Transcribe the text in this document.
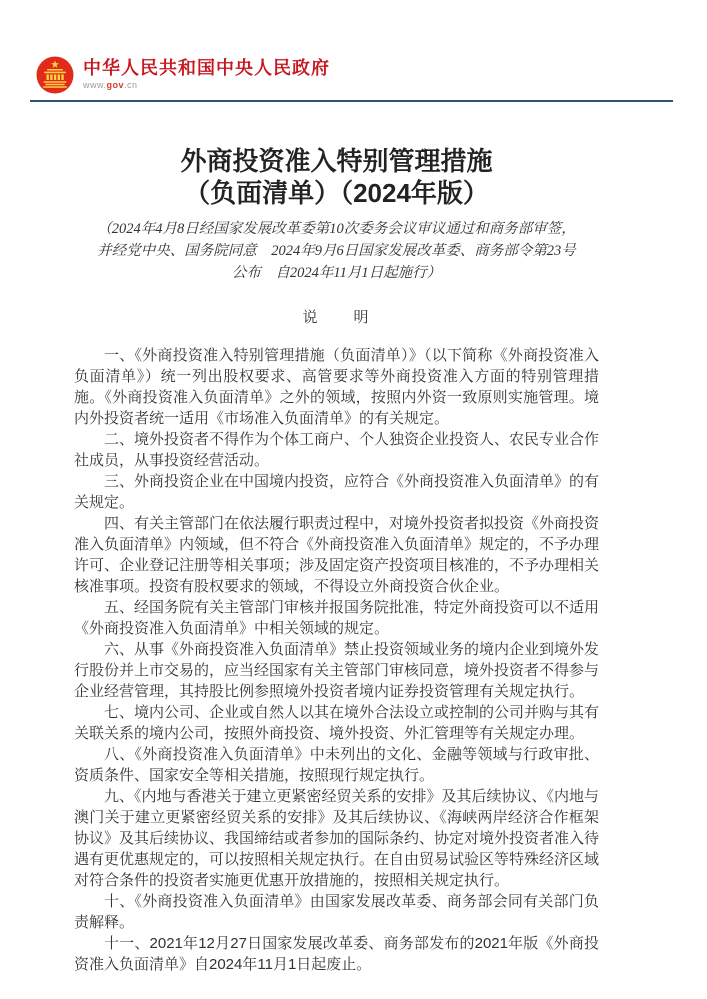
中华人民共和国中央人民政府
www.gov.cn
外商投资准入特别管理措施
（负面清单）（2024年版）

（2024年4月8日经国家发展改革委第10次委务会议审议通过和商务部审签，并经党中央、国务院同意　2024年9月6日国家发展改革委、商务部令第23号公布　自2024年11月1日起施行）

说　　明

一、《外商投资准入特别管理措施（负面清单）》（以下简称《外商投资准入负面清单》）统一列出股权要求、高管要求等外商投资准入方面的特别管理措施。《外商投资准入负面清单》之外的领域，按照内外资一致原则实施管理。境内外投资者统一适用《市场准入负面清单》的有关规定。

二、境外投资者不得作为个体工商户、个人独资企业投资人、农民专业合作社成员，从事投资经营活动。

三、外商投资企业在中国境内投资，应符合《外商投资准入负面清单》的有关规定。

四、有关主管部门在依法履行职责过程中，对境外投资者拟投资《外商投资准入负面清单》内领域，但不符合《外商投资准入负面清单》规定的，不予办理许可、企业登记注册等相关事项；涉及固定资产投资项目核准的，不予办理相关核准事项。投资有股权要求的领域，不得设立外商投资合伙企业。

五、经国务院有关主管部门审核并报国务院批准，特定外商投资可以不适用《外商投资准入负面清单》中相关领域的规定。

六、从事《外商投资准入负面清单》禁止投资领域业务的境内企业到境外发行股份并上市交易的，应当经国家有关主管部门审核同意，境外投资者不得参与企业经营管理，其持股比例参照境外投资者境内证券投资管理有关规定执行。

七、境内公司、企业或自然人以其在境外合法设立或控制的公司并购与其有关联关系的境内公司，按照外商投资、境外投资、外汇管理等有关规定办理。

八、《外商投资准入负面清单》中未列出的文化、金融等领域与行政审批、资质条件、国家安全等相关措施，按照现行规定执行。

九、《内地与香港关于建立更紧密经贸关系的安排》及其后续协议、《内地与澳门关于建立更紧密经贸关系的安排》及其后续协议、《海峡两岸经济合作框架协议》及其后续协议、我国缔结或者参加的国际条约、协定对境外投资者准入待遇有更优惠规定的，可以按照相关规定执行。在自由贸易试验区等特殊经济区域对符合条件的投资者实施更优惠开放措施的，按照相关规定执行。

十、《外商投资准入负面清单》由国家发展改革委、商务部会同有关部门负责解释。

十一、2021年12月27日国家发展改革委、商务部发布的2021年版《外商投资准入负面清单》自2024年11月1日起废止。
